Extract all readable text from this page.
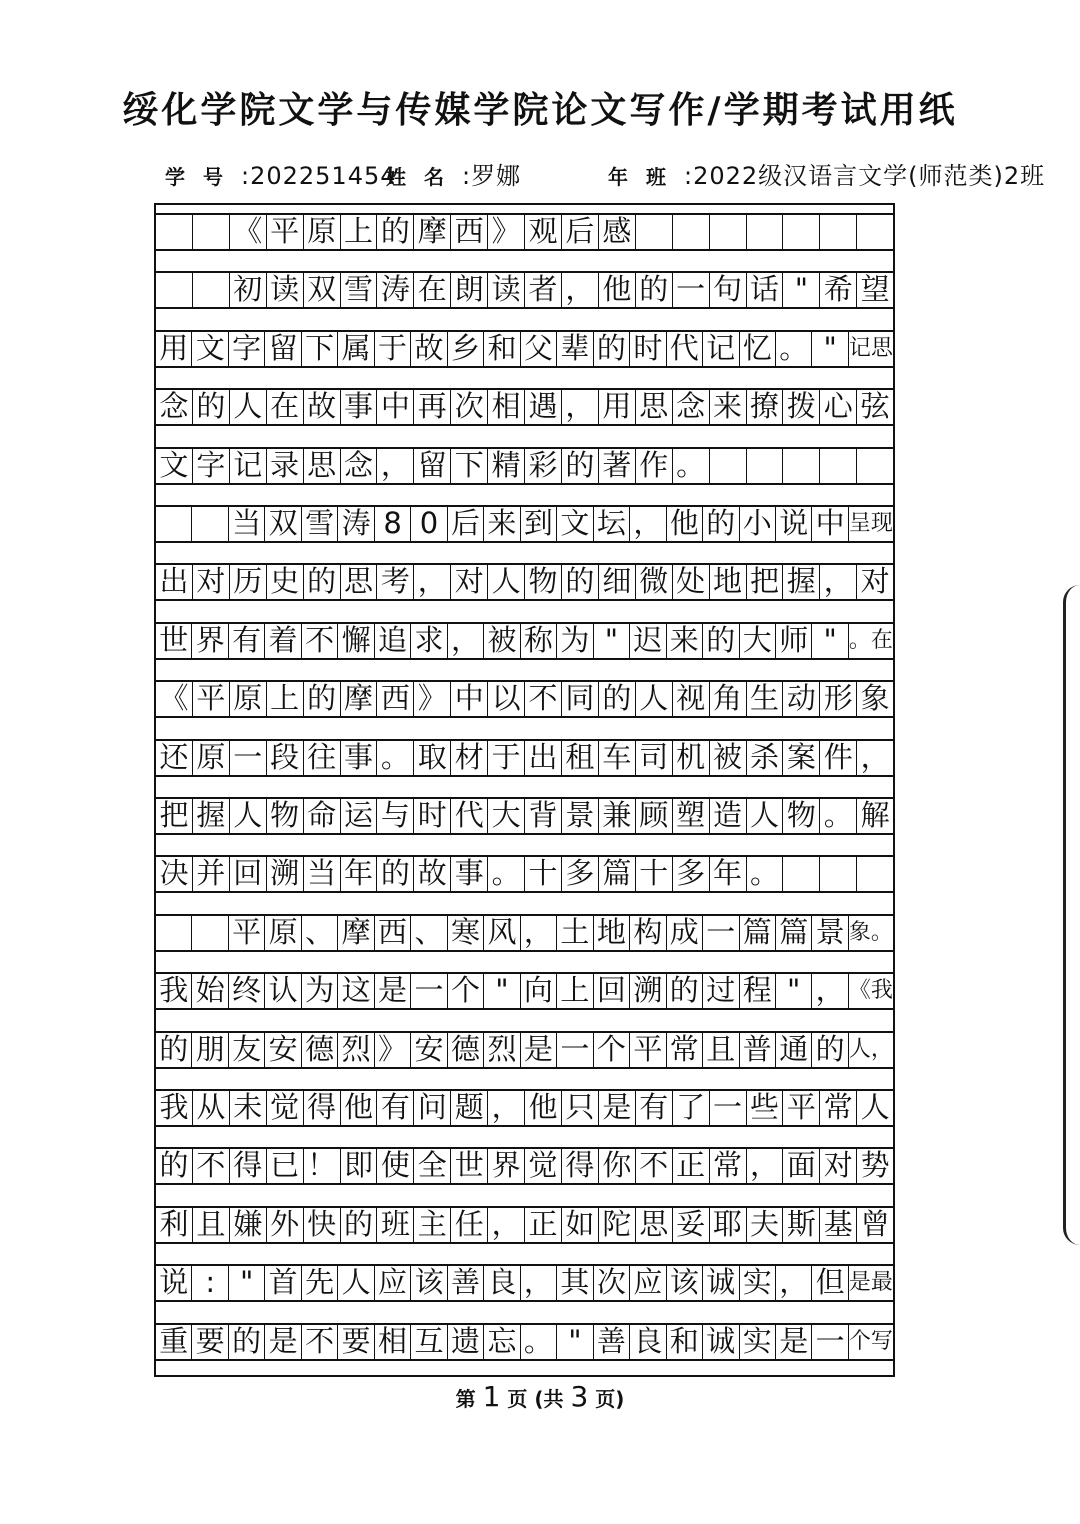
绥化学院文学与传媒学院论文写作/学期考试用纸
学号:202251454
姓名:罗娜	年班:2022级汉语言文学(师范类)2班
《 平 原 上 的 摩 西 》 观 后 感
初 读 双 雪 涛 在 朗 读 者 ， 他 的 一 句 话 " 希 望
用 文 字 留 下 属 于 故 乡 和 父 辈 的 时 代 记 忆 。 " 记思
念 的 人 在 故 事 中 再 次 相 遇 ， 用 思 念 来 撩 拨 心 弦
文 字 记 录 思 念 ， 留 下 精 彩 的 著 作 。
当 双 雪 涛 8 0 后 来 到 文 坛 ， 他 的 小 说 中 呈现
出 对 历 史 的 思 考 ， 对 人 物 的 细 微 处 地 把 握 ， 对
世 界 有 着 不 懈 追 求 ， 被 称 为 " 迟 来 的 大 师 " 。在
《 平 原 上 的 摩 西 》 中 以 不 同 的 人 视 角 生 动 形 象
还 原 一 段 往 事 。 取 材 于 出 租 车 司 机 被 杀 案 件 ，
把 握 人 物 命 运 与 时 代 大 背 景 兼 顾 塑 造 人 物 。 解
决 并 回 溯 当 年 的 故 事 。 十 多 篇 十 多 年 。
平 原 、 摩 西 、 寒 风 ， 土 地 构 成 一 篇 篇 景 象。
我 始 终 认 为 这 是 一 个 " 向 上 回 溯 的 过 程 " ， 《我
的 朋 友 安 德 烈 》 安 德 烈 是 一 个 平 常 且 普 通 的 人，
我 从 未 觉 得 他 有 问 题 ， 他 只 是 有 了 一 些 平 常 人
的 不 得 已 ！ 即 使 全 世 界 觉 得 你 不 正 常 ， 面 对 势
利 且 嫌 外 快 的 班 主 任 ， 正 如 陀 思 妥 耶 夫 斯 基 曾
说 : " 首 先 人 应 该 善 良 ， 其 次 应 该 诚 实 ， 但 是最
重 要 的 是 不 要 相 互 遗 忘 。 " 善 良 和 诚 实 是 一 个写
第 1 页 (共 3 页)
